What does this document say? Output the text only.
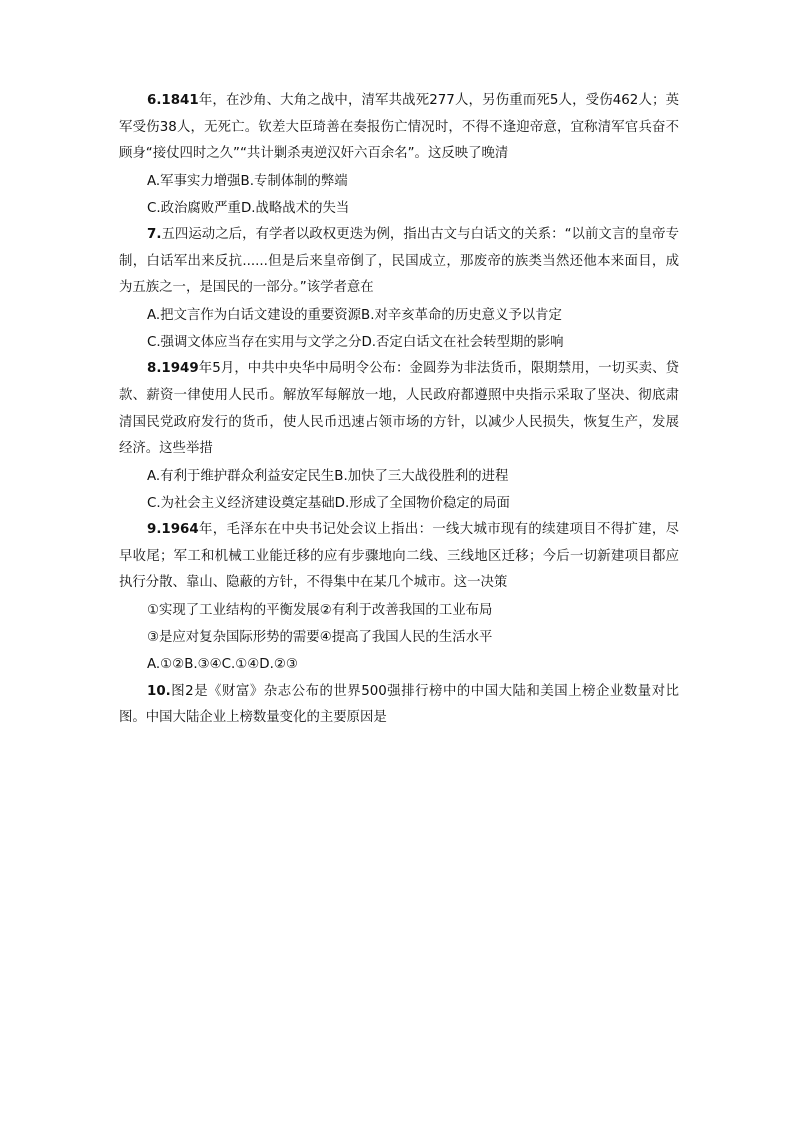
6.1841年，在沙角、大角之战中，清军共战死277人，另伤重而死5人，受伤462人；英军受伤38人，无死亡。钦差大臣琦善在奏报伤亡情况时，不得不逢迎帝意，宜称清军官兵奋不顾身“接仗四时之久”“共计剿杀夷逆汉奸六百余名”。这反映了晚清

A.军事实力增强B.专制体制的弊端

C.政治腐败严重D.战略战术的失当

7.五四运动之后，有学者以政权更迭为例，指出古文与白话文的关系：“以前文言的皇帝专制，白话军出来反抗......但是后来皇帝倒了，民国成立，那废帝的族类当然还他本来面目，成为五族之一，是国民的一部分。”该学者意在

A.把文言作为白话文建设的重要资源B.对辛亥革命的历史意义予以肯定

C.强调文体应当存在实用与文学之分D.否定白话文在社会转型期的影响

8.1949年5月，中共中央华中局明令公布：金圆券为非法货币，限期禁用，一切买卖、贷款、薪资一律使用人民币。解放军每解放一地，人民政府都遵照中央指示采取了坚决、彻底肃清国民党政府发行的货币，使人民币迅速占领市场的方针，以减少人民损失，恢复生产，发展经济。这些举措

A.有利于维护群众利益安定民生B.加快了三大战役胜利的进程

C.为社会主义经济建设奠定基础D.形成了全国物价稳定的局面

9.1964年，毛泽东在中央书记处会议上指出：一线大城市现有的续建项目不得扩建，尽早收尾；军工和机械工业能迁移的应有步骤地向二线、三线地区迁移；今后一切新建项目都应执行分散、靠山、隐蔽的方针，不得集中在某几个城市。这一决策

①实现了工业结构的平衡发展②有利于改善我国的工业布局

③是应对复杂国际形势的需要④提高了我国人民的生活水平

A.①②B.③④C.①④D.②③

10.图2是《财富》杂志公布的世界500强排行榜中的中国大陆和美国上榜企业数量对比图。中国大陆企业上榜数量变化的主要原因是
